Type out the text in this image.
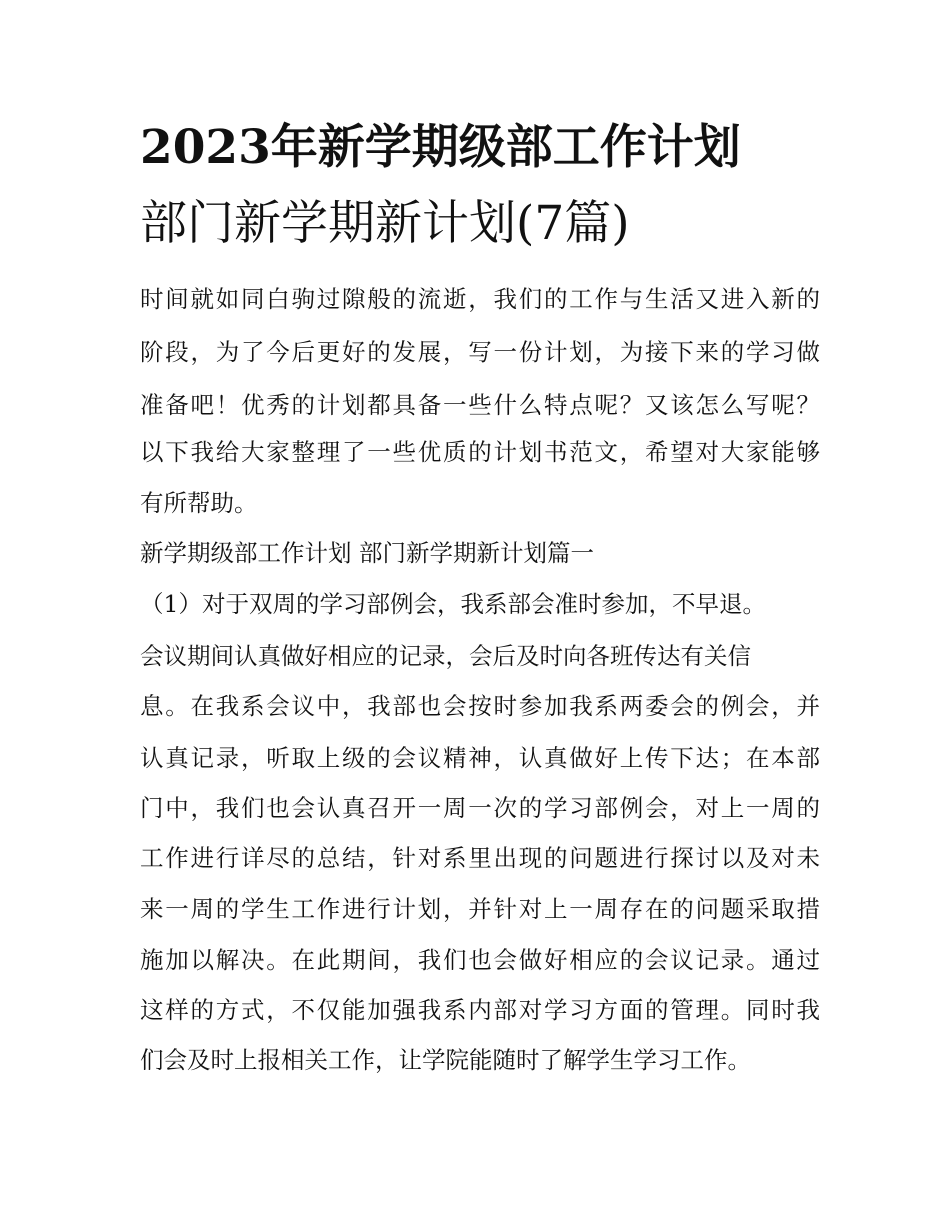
2023年新学期级部工作计划
部门新学期新计划(7篇)

时间就如同白驹过隙般的流逝，我们的工作与生活又进入新的

阶段，为了今后更好的发展，写一份计划，为接下来的学习做

准备吧！优秀的计划都具备一些什么特点呢？又该怎么写呢？

以下我给大家整理了一些优质的计划书范文，希望对大家能够

有所帮助。

新学期级部工作计划 部门新学期新计划篇一

（1）对于双周的学习部例会，我系部会准时参加，不早退。

会议期间认真做好相应的记录，会后及时向各班传达有关信

息。在我系会议中，我部也会按时参加我系两委会的例会，并

认真记录，听取上级的会议精神，认真做好上传下达；在本部

门中，我们也会认真召开一周一次的学习部例会，对上一周的

工作进行详尽的总结，针对系里出现的问题进行探讨以及对未

来一周的学生工作进行计划，并针对上一周存在的问题采取措

施加以解决。在此期间，我们也会做好相应的会议记录。通过

这样的方式，不仅能加强我系内部对学习方面的管理。同时我

们会及时上报相关工作，让学院能随时了解学生学习工作。
